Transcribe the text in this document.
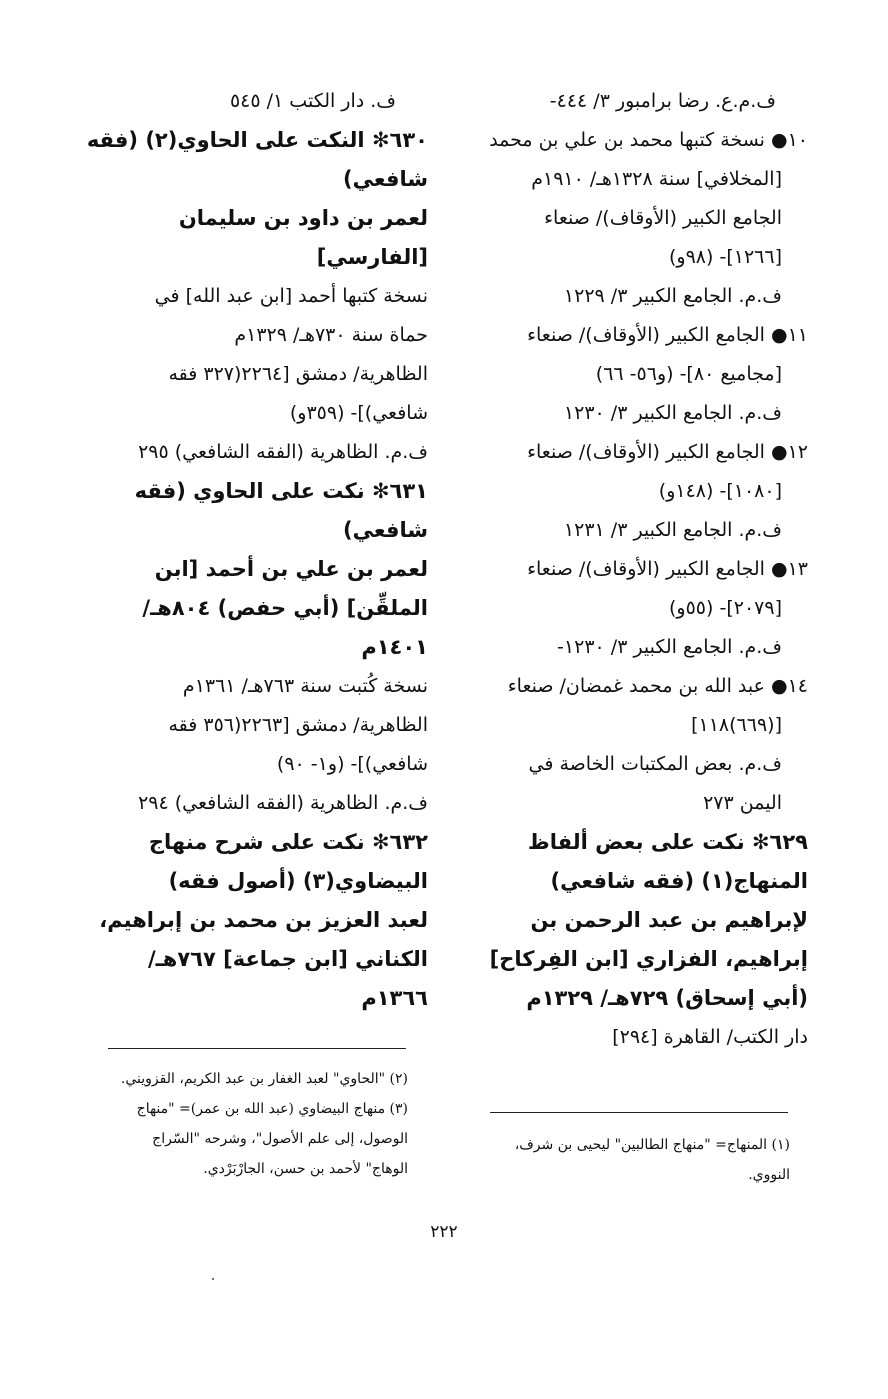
ف.م.ع. رضا برامبور ٣/ ٤٤٤-

١٠● نسخة كتبها محمد بن علي بن محمد

[المخلافي] سنة ١٣٢٨هـ/ ١٩١٠م

الجامع الكبير (الأوقاف)/ صنعاء

[١٢٦٦]- (٩٨و)

ف.م. الجامع الكبير ٣/ ١٢٢٩

١١● الجامع الكبير (الأوقاف)/ صنعاء

[مجاميع ٨٠]- (و٥٦- ٦٦)

ف.م. الجامع الكبير ٣/ ١٢٣٠

١٢● الجامع الكبير (الأوقاف)/ صنعاء

[١٠٨٠]- (١٤٨و)

ف.م. الجامع الكبير ٣/ ١٢٣١

١٣● الجامع الكبير (الأوقاف)/ صنعاء

[٢٠٧٩]- (٥٥و)

ف.م. الجامع الكبير ٣/ ١٢٣٠-

١٤● عبد الله بن محمد غمضان/ صنعاء

[(٦٦٩)١١٨]

ف.م. بعض المكتبات الخاصة في

اليمن ٢٧٣

٦٢٩✻ نكت على بعض ألفاظ

المنهاج(١) (فقه شافعي)

لإبراهيم بن عبد الرحمن بن

إبراهيم، الفزاري [ابن الفِركاح]

(أبي إسحاق) ٧٢٩هـ/ ١٣٢٩م

دار الكتب/ القاهرة [٢٩٤]

ف. دار الكتب ١/ ٥٤٥

٦٣٠✻ النكت على الحاوي(٢) (فقه

شافعي)

لعمر بن داود بن سليمان

[الفارسي]

نسخة كتبها أحمد [ابن عبد الله] في

حماة سنة ٧٣٠هـ/ ١٣٢٩م

الظاهرية/ دمشق [٢٢٦٤(٣٢٧ فقه

شافعي)]- (٣٥٩و)

ف.م. الظاهرية (الفقه الشافعي) ٢٩٥

٦٣١✻ نكت على الحاوي (فقه

شافعي)

لعمر بن علي بن أحمد [ابن

الملقِّن] (أبي حفص) ٨٠٤هـ/

١٤٠١م

نسخة كُتبت سنة ٧٦٣هـ/ ١٣٦١م

الظاهرية/ دمشق [٢٢٦٣(٣٥٦ فقه

شافعي)]- (و١- ٩٠)

ف.م. الظاهرية (الفقه الشافعي) ٢٩٤

٦٣٢✻ نكت على شرح منهاج

البيضاوي(٣) (أصول فقه)

لعبد العزيز بن محمد بن إبراهيم،

الكناني [ابن جماعة] ٧٦٧هـ/

١٣٦٦م

(٢) "الحاوي" لعبد الغفار بن عبد الكريم، القزويني.

(٣) منهاج البيضاوي (عبد الله بن عمر)= "منهاج

الوصول، إلى علم الأصول"، وشرحه "السّراج

الوهاج" لأحمد بن حسن، الجارْبَرْدي.

(١) المنهاج= "منهاج الطالبين" ليحيى بن شرف،

النووي.

٢٢٢
